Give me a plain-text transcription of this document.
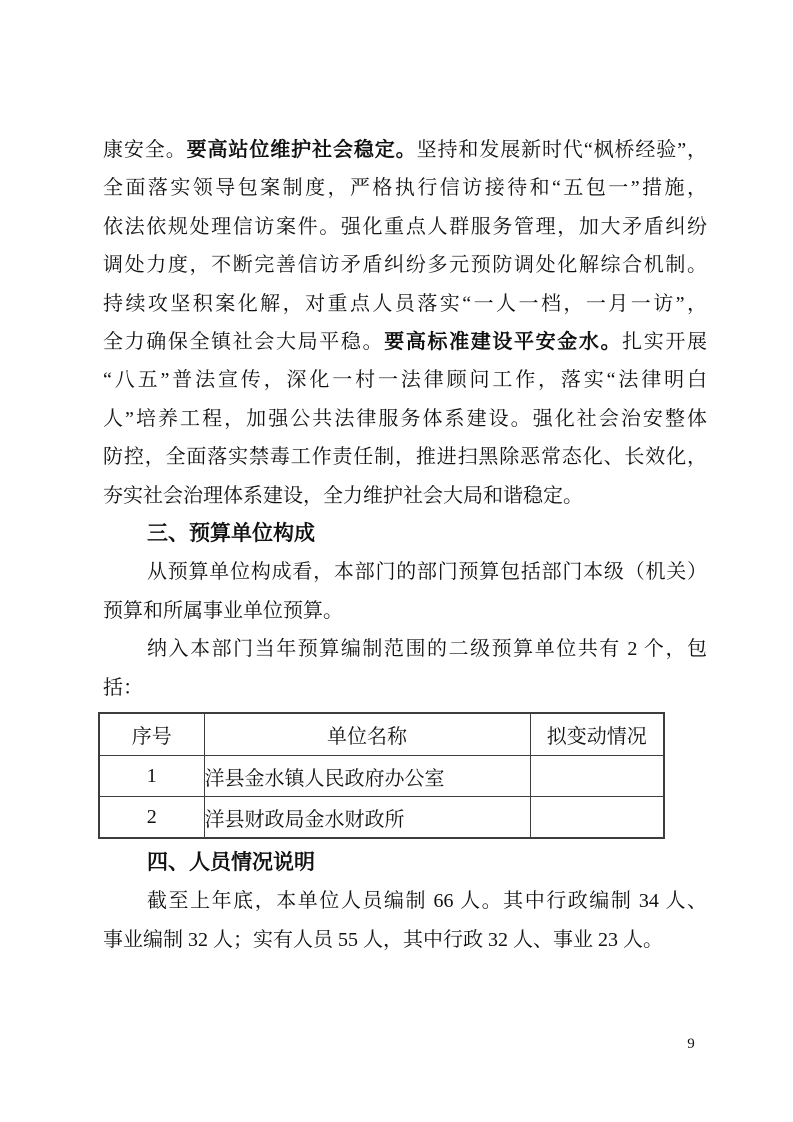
康安全。要高站位维护社会稳定。坚持和发展新时代“枫桥经验”，
全面落实领导包案制度，严格执行信访接待和“五包一”措施，
依法依规处理信访案件。强化重点人群服务管理，加大矛盾纠纷
调处力度，不断完善信访矛盾纠纷多元预防调处化解综合机制。
持续攻坚积案化解，对重点人员落实“一人一档，一月一访”，
全力确保全镇社会大局平稳。要高标准建设平安金水。扎实开展
“八五”普法宣传，深化一村一法律顾问工作，落实“法律明白
人”培养工程，加强公共法律服务体系建设。强化社会治安整体
防控，全面落实禁毒工作责任制，推进扫黑除恶常态化、长效化，
夯实社会治理体系建设，全力维护社会大局和谐稳定。
三、预算单位构成
从预算单位构成看，本部门的部门预算包括部门本级（机关）
预算和所属事业单位预算。
纳入本部门当年预算编制范围的二级预算单位共有 2 个，包
括：
序号	单位名称	拟变动情况
1	洋县金水镇人民政府办公室	
2	洋县财政局金水财政所	
四、人员情况说明
截至上年底，本单位人员编制 66 人。其中行政编制 34 人、
事业编制 32 人；实有人员 55 人，其中行政 32 人、事业 23 人。
9
